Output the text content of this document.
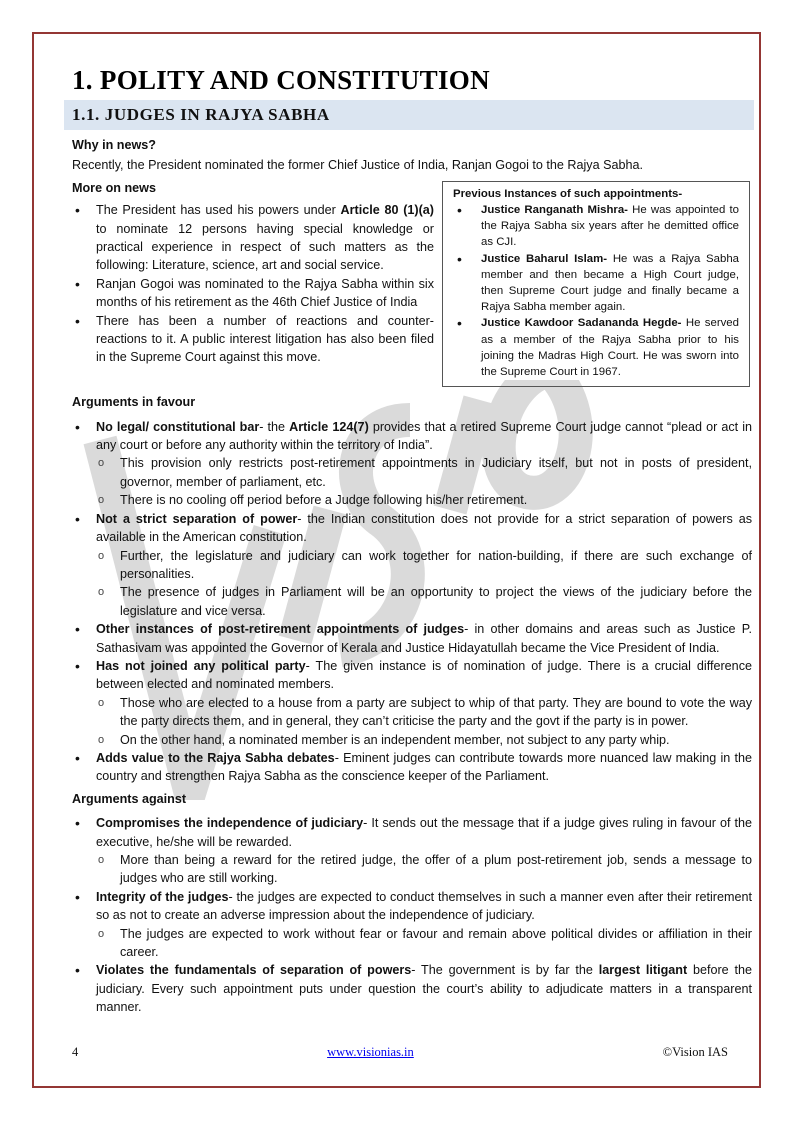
1. POLITY AND CONSTITUTION
1.1. JUDGES IN RAJYA SABHA
Why in news?

Recently, the President nominated the former Chief Justice of India, Ranjan Gogoi to the Rajya Sabha.

More on news
• The President has used his powers under Article 80 (1)(a) to nominate 12 persons having special knowledge or practical experience in respect of such matters as the following: Literature, science, art and social service.
• Ranjan Gogoi was nominated to the Rajya Sabha within six months of his retirement as the 46th Chief Justice of India
• There has been a number of reactions and counter-reactions to it. A public interest litigation has also been filed in the Supreme Court against this move.
Previous Instances of such appointments-
• Justice Ranganath Mishra- He was appointed to the Rajya Sabha six years after he demitted office as CJI.
• Justice Baharul Islam- He was a Rajya Sabha member and then became a High Court judge, then Supreme Court judge and finally became a Rajya Sabha member again.
• Justice Kawdoor Sadananda Hegde- He served as a member of the Rajya Sabha prior to his joining the Madras High Court. He was sworn into the Supreme Court in 1967.
Arguments in favour
• No legal/ constitutional bar- the Article 124(7) provides that a retired Supreme Court judge cannot “plead or act in any court or before any authority within the territory of India”.
o This provision only restricts post-retirement appointments in Judiciary itself, but not in posts of president, governor, member of parliament, etc.
o There is no cooling off period before a Judge following his/her retirement.
• Not a strict separation of power- the Indian constitution does not provide for a strict separation of powers as available in the American constitution.
o Further, the legislature and judiciary can work together for nation-building, if there are such exchange of personalities.
o The presence of judges in Parliament will be an opportunity to project the views of the judiciary before the legislature and vice versa.
• Other instances of post-retirement appointments of judges- in other domains and areas such as Justice P. Sathasivam was appointed the Governor of Kerala and Justice Hidayatullah became the Vice President of India.
• Has not joined any political party- The given instance is of nomination of judge. There is a crucial difference between elected and nominated members.
o Those who are elected to a house from a party are subject to whip of that party. They are bound to vote the way the party directs them, and in general, they can’t criticise the party and the govt if the party is in power.
o On the other hand, a nominated member is an independent member, not subject to any party whip.
• Adds value to the Rajya Sabha debates- Eminent judges can contribute towards more nuanced law making in the country and strengthen Rajya Sabha as the conscience keeper of the Parliament.
Arguments against
• Compromises the independence of judiciary- It sends out the message that if a judge gives ruling in favour of the executive, he/she will be rewarded.
o More than being a reward for the retired judge, the offer of a plum post-retirement job, sends a message to judges who are still working.
• Integrity of the judges- the judges are expected to conduct themselves in such a manner even after their retirement so as not to create an adverse impression about the independence of judiciary.
o The judges are expected to work without fear or favour and remain above political divides or affiliation in their career.
• Violates the fundamentals of separation of powers- The government is by far the largest litigant before the judiciary. Every such appointment puts under question the court’s ability to adjudicate matters in a transparent manner.
4	www.visionias.in	©Vision IAS
